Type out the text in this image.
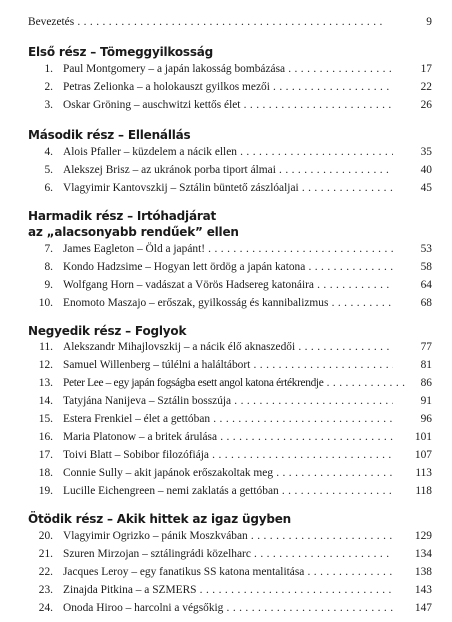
Bevezetés . . .	9
Első rész – Tömeggyilkosság
1. Paul Montgomery – a japán lakosság bombázása . . .	17
2. Petras Zelionka – a holokauszt gyilkos mezői . . .	22
3. Oskar Gröning – auschwitzi kettős élet . . .	26
Második rész – Ellenállás
4. Alois Pfaller – küzdelem a nácik ellen . . .	35
5. Alekszej Brisz – az ukránok porba tiport álmai . . .	40
6. Vlagyimir Kantovszkij – Sztálin büntető zászlóaljai . . .	45
Harmadik rész – Irtóhadjárat
az „alacsonyabb rendűek” ellen
7. James Eagleton – Öld a japánt! . . .	53
8. Kondo Hadzsime – Hogyan lett ördög a japán katona . . .	58
9. Wolfgang Horn – vadászat a Vörös Hadsereg katonáira . . .	64
10. Enomoto Maszajo – erőszak, gyilkosság és kannibalizmus . . .	68
Negyedik rész – Foglyok
11. Alekszandr Mihajlovszkij – a nácik élő aknaszedői . . .	77
12. Samuel Willenberg – túlélni a haláltábort . . .	81
13. Peter Lee – egy japán fogságba esett angol katona értékrendje . . .	86
14. Tatyjána Nanijeva – Sztálin bosszúja . . .	91
15. Estera Frenkiel – élet a gettóban . . .	96
16. Maria Platonow – a britek árulása . . .	101
17. Toivi Blatt – Sobibor filozófiája . . .	107
18. Connie Sully – akit japánok erőszakoltak meg . . .	113
19. Lucille Eichengreen – nemi zaklatás a gettóban . . .	118
Ötödik rész – Akik hittek az igaz ügyben
20. Vlagyimir Ogrizko – pánik Moszkvában . . .	129
21. Szuren Mirzojan – sztálingrádi közelharc . . .	134
22. Jacques Leroy – egy fanatikus SS katona mentalitása . . .	138
23. Zinajda Pitkina – a SZMERS . . .	143
24. Onoda Hiroo – harcolni a végsőkig . . .	147
